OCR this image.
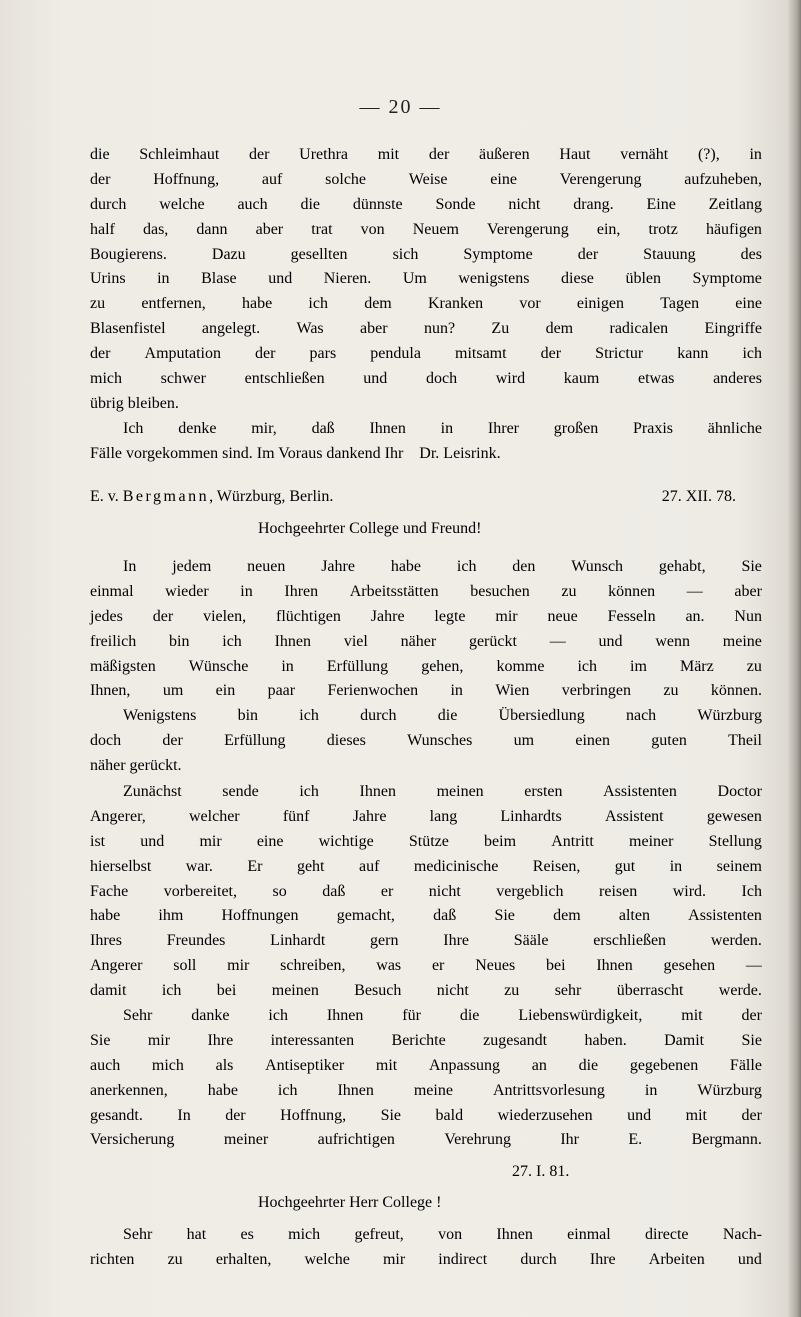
— 20 —
die Schleimhaut der Urethra mit der äußeren Haut vernäht (?), in
der	Hoffnung,	auf	solche	Weise	eine	Verengerung	aufzuheben,
durch welche auch die dünnste Sonde nicht drang. Eine Zeitlang
half das, dann aber trat von Neuem Verengerung ein, trotz häufigen
Bougierens.	Dazu	gesellten	sich	Symptome	der	Stauung	des
Urins in Blase und Nieren. Um wenigstens diese üblen Symptome
zu entfernen, habe ich dem Kranken vor einigen Tagen eine
Blasenfistel angelegt. Was aber nun? Zu dem radicalen Eingriffe
der Amputation der pars pendula mitsamt der Strictur kann ich
mich schwer entschließen und doch wird kaum etwas anderes
übrig bleiben.
Ich denke mir, daß Ihnen in Ihrer großen Praxis ähnliche
Fälle vorgekommen sind. Im Voraus dankend Ihr    Dr. Leisrink.
E. v. Bergmann, Würzburg, Berlin.	27. XII. 78.
Hochgeehrter College und Freund!
In jedem neuen Jahre habe ich den Wunsch gehabt, Sie
einmal wieder in Ihren Arbeitsstätten besuchen zu können — aber
jedes der vielen, flüchtigen Jahre legte mir neue Fesseln an. Nun
freilich bin ich Ihnen viel näher gerückt — und wenn meine
mäßigsten Wünsche in Erfüllung gehen, komme ich im März zu
Ihnen, um ein paar Ferienwochen in Wien verbringen zu können.
Wenigstens	bin	ich	durch	die	Übersiedlung	nach	Würzburg
doch	der	Erfüllung	dieses	Wunsches	um	einen	guten	Theil
näher gerückt.
Zunächst	sende	ich	Ihnen	meinen	ersten	Assistenten	Doctor
Angerer,	welcher	fünf	Jahre	lang	Linhardts	Assistent	gewesen
ist und mir eine wichtige Stütze beim Antritt meiner Stellung
hierselbst war. Er geht auf medicinische Reisen, gut in seinem
Fache vorbereitet, so daß er nicht vergeblich reisen wird. Ich
habe ihm Hoffnungen gemacht, daß Sie dem alten Assistenten
Ihres	Freundes	Linhardt	gern	Ihre	Sääle	erschließen	werden.
Angerer soll mir schreiben, was er Neues bei Ihnen gesehen —
damit ich bei meinen Besuch nicht zu sehr überrascht werde.
Sehr danke ich Ihnen für die Liebenswürdigkeit, mit der
Sie mir Ihre interessanten Berichte zugesandt haben. Damit Sie
auch mich als Antiseptiker mit Anpassung an die gegebenen Fälle
anerkennen, habe ich Ihnen meine Antrittsvorlesung in Würzburg
gesandt. In der Hoffnung, Sie bald wiederzusehen und mit der
Versicherung	meiner	aufrichtigen	Verehrung	Ihr	E.	Bergmann.
27. I. 81.
Hochgeehrter Herr College !
Sehr hat es mich gefreut, von Ihnen einmal directe Nach-
richten zu erhalten, welche mir indirect durch Ihre Arbeiten und
